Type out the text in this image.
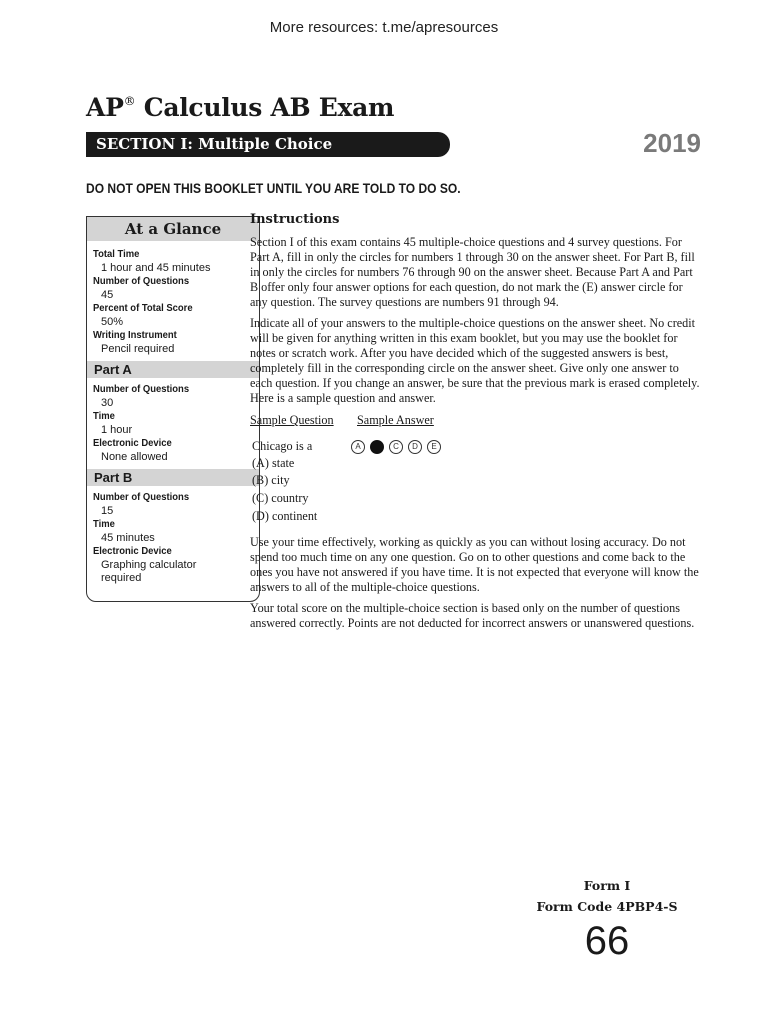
More resources: t.me/apresources
AP® Calculus AB Exam
SECTION I: Multiple Choice	2019
DO NOT OPEN THIS BOOKLET UNTIL YOU ARE TOLD TO DO SO.
At a Glance
Total Time
1 hour and 45 minutes
Number of Questions
45
Percent of Total Score
50%
Writing Instrument
Pencil required
Part A
Number of Questions
30
Time
1 hour
Electronic Device
None allowed
Part B
Number of Questions
15
Time
45 minutes
Electronic Device
Graphing calculator
required
Instructions
Section I of this exam contains 45 multiple-choice questions and 4 survey questions. For Part A, fill in only the circles for numbers 1 through 30 on the answer sheet. For Part B, fill in only the circles for numbers 76 through 90 on the answer sheet. Because Part A and Part B offer only four answer options for each question, do not mark the (E) answer circle for any question. The survey questions are numbers 91 through 94.
Indicate all of your answers to the multiple-choice questions on the answer sheet. No credit will be given for anything written in this exam booklet, but you may use the booklet for notes or scratch work. After you have decided which of the suggested answers is best, completely fill in the corresponding circle on the answer sheet. Give only one answer to each question. If you change an answer, be sure that the previous mark is erased completely. Here is a sample question and answer.
Sample Question Sample Answer
Chicago is a
(A) state
(B) city
(C) country
(D) continent
A	C	D	E
Use your time effectively, working as quickly as you can without losing accuracy. Do not spend too much time on any one question. Go on to other questions and come back to the ones you have not answered if you have time. It is not expected that everyone will know the answers to all of the multiple-choice questions.
Your total score on the multiple-choice section is based only on the number of questions answered correctly. Points are not deducted for incorrect answers or unanswered questions.
Form I
Form Code 4PBP4-S
66
